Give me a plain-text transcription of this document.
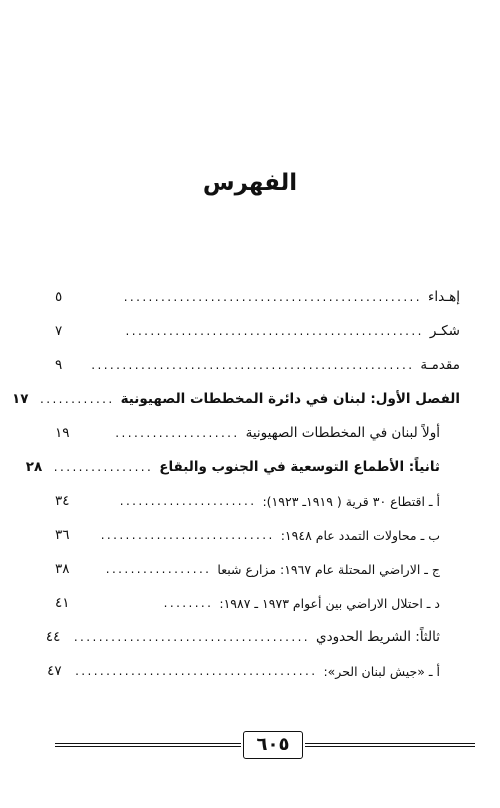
الفهرس
إهـداء
................................................
٥
شكـر
................................................
٧
مقدمـة
....................................................
٩
الفصل الأول: لبنان في دائرة المخططات الصهيونية
............
١٧
أولاً لبنان في المخططات الصهيونية
....................
١٩
ثانياً: الأطماع التوسعية في الجنوب والبقاع
................
٢٨
أ ـ اقتطاع ٣٠ قرية ( ١٩١٩ـ ١٩٢٣):
......................
٣٤
ب ـ محاولات التمدد عام ١٩٤٨:
............................
٣٦
ج ـ الاراضي المحتلة عام ١٩٦٧: مزارع شبعا
.................
٣٨
د ـ احتلال الاراضي بين أعوام ١٩٧٣ ـ ١٩٨٧:
........
٤١
ثالثاً: الشريط الحدودي
......................................
٤٤
أ ـ «جيش لبنان الحر»:
.......................................
٤٧
٦٠٥
